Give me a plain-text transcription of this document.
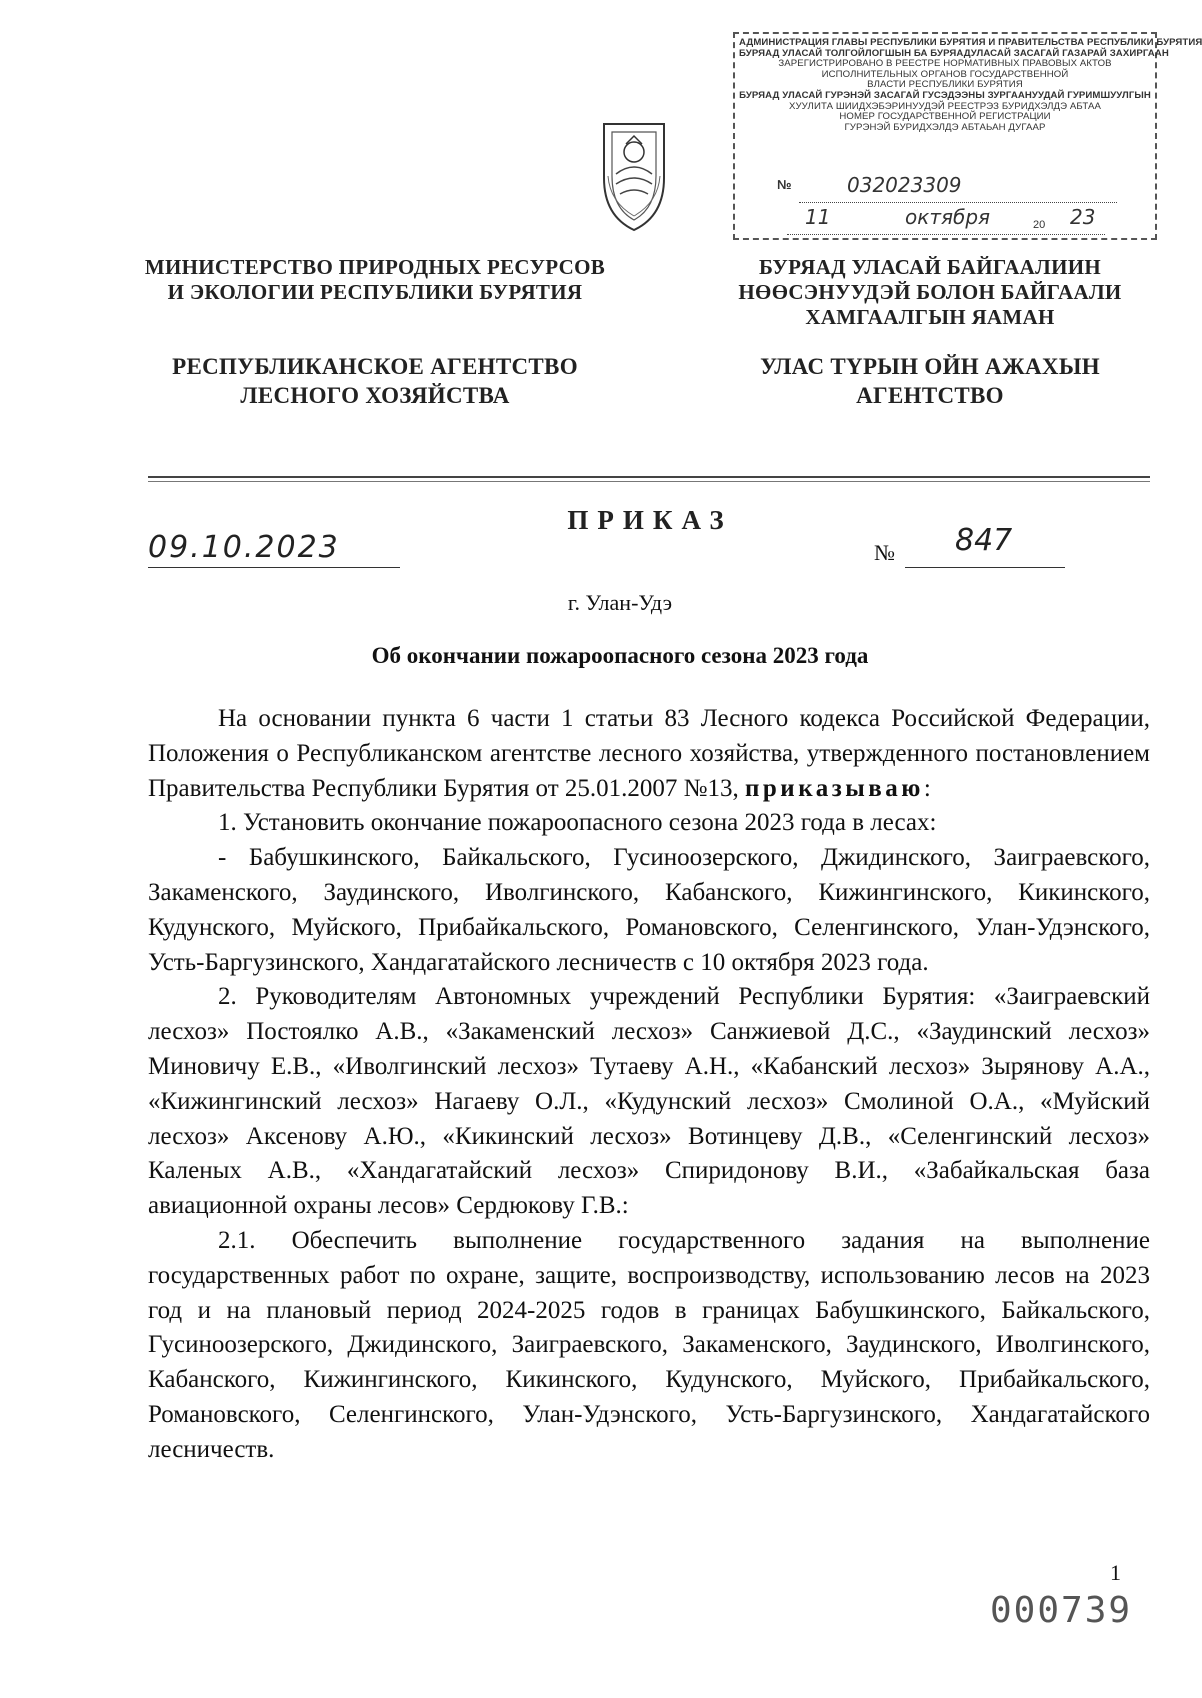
АДМИНИСТРАЦИЯ ГЛАВЫ РЕСПУБЛИКИ БУРЯТИЯ И ПРАВИТЕЛЬСТВА РЕСПУБЛИКИ БУРЯТИЯ
БУРЯАД УЛАСАЙ ТОЛГОЙЛОГШЫН БА БУРЯАДУЛАСАЙ ЗАСАГАЙ ГАЗАРАЙ ЗАХИРГААН
ЗАРЕГИСТРИРОВАНО В РЕЕСТРЕ НОРМАТИВНЫХ ПРАВОВЫХ АКТОВ
ИСПОЛНИТЕЛЬНЫХ ОРГАНОВ ГОСУДАРСТВЕННОЙ
ВЛАСТИ РЕСПУБЛИКИ БУРЯТИЯ
БУРЯАД УЛАСАЙ ГУРЭНЭЙ ЗАСАГАЙ ГУСЭДЭЭНЫ ЗУРГААНУУДАЙ ГУРИМШУУЛГЫН
ХУУЛИТА ШИИДХЭБЭРИНУУДЭЙ РЕЕСТРЭЗ БУРИДХЭЛДЭ АБТАА
НОМЕР ГОСУДАРСТВЕННОЙ РЕГИСТРАЦИИ
ГУРЭНЭЙ БУРИДХЭЛДЭ АБТАЬАН ДУГААР
№	032023309
11	октября	20 23
МИНИСТЕРСТВО ПРИРОДНЫХ РЕСУРСОВ И ЭКОЛОГИИ РЕСПУБЛИКИ БУРЯТИЯ
БУРЯАД УЛАСАЙ БАЙГААЛИИН НӨӨСЭНУУДЭЙ БОЛОН БАЙГААЛИ ХАМГААЛГЫН ЯАМАН
РЕСПУБЛИКАНСКОЕ АГЕНТСТВО ЛЕСНОГО ХОЗЯЙСТВА
УЛАС ТҮРЫН ОЙН АЖАХЫН АГЕНТСТВО
ПРИКАЗ
09.10.2023	№ 847
г. Улан-Удэ
Об окончании пожароопасного сезона 2023 года

На основании пункта 6 части 1 статьи 83 Лесного кодекса Российской Федерации, Положения о Республиканском агентстве лесного хозяйства, утвержденного постановлением Правительства Республики Бурятия от 25.01.2007 №13, приказываю:

1. Установить окончание пожароопасного сезона 2023 года в лесах:

- Бабушкинского, Байкальского, Гусиноозерского, Джидинского, Заиграевского, Закаменского, Заудинского, Иволгинского, Кабанского, Кижингинского, Кикинского, Кудунского, Муйского, Прибайкальского, Романовского, Селенгинского, Улан-Удэнского, Усть-Баргузинского, Хандагатайского лесничеств с 10 октября 2023 года.

2. Руководителям Автономных учреждений Республики Бурятия: «Заиграевский лесхоз» Постоялко А.В., «Закаменский лесхоз» Санжиевой Д.С., «Заудинский лесхоз» Миновичу Е.В., «Иволгинский лесхоз» Тутаеву А.Н., «Кабанский лесхоз» Зырянову А.А., «Кижингинский лесхоз» Нагаеву О.Л., «Кудунский лесхоз» Смолиной О.А., «Муйский лесхоз» Аксенову А.Ю., «Кикинский лесхоз» Вотинцеву Д.В., «Селенгинский лесхоз» Каленых А.В., «Хандагатайский лесхоз» Спиридонову В.И., «Забайкальская база авиационной охраны лесов» Сердюкову Г.В.:

2.1. Обеспечить выполнение государственного задания на выполнение государственных работ по охране, защите, воспроизводству, использованию лесов на 2023 год и на плановый период 2024-2025 годов в границах Бабушкинского, Байкальского, Гусиноозерского, Джидинского, Заиграевского, Закаменского, Заудинского, Иволгинского, Кабанского, Кижингинского, Кикинского, Кудунского, Муйского, Прибайкальского, Романовского, Селенгинского, Улан-Удэнского, Усть-Баргузинского, Хандагатайского лесничеств.

1
000739
